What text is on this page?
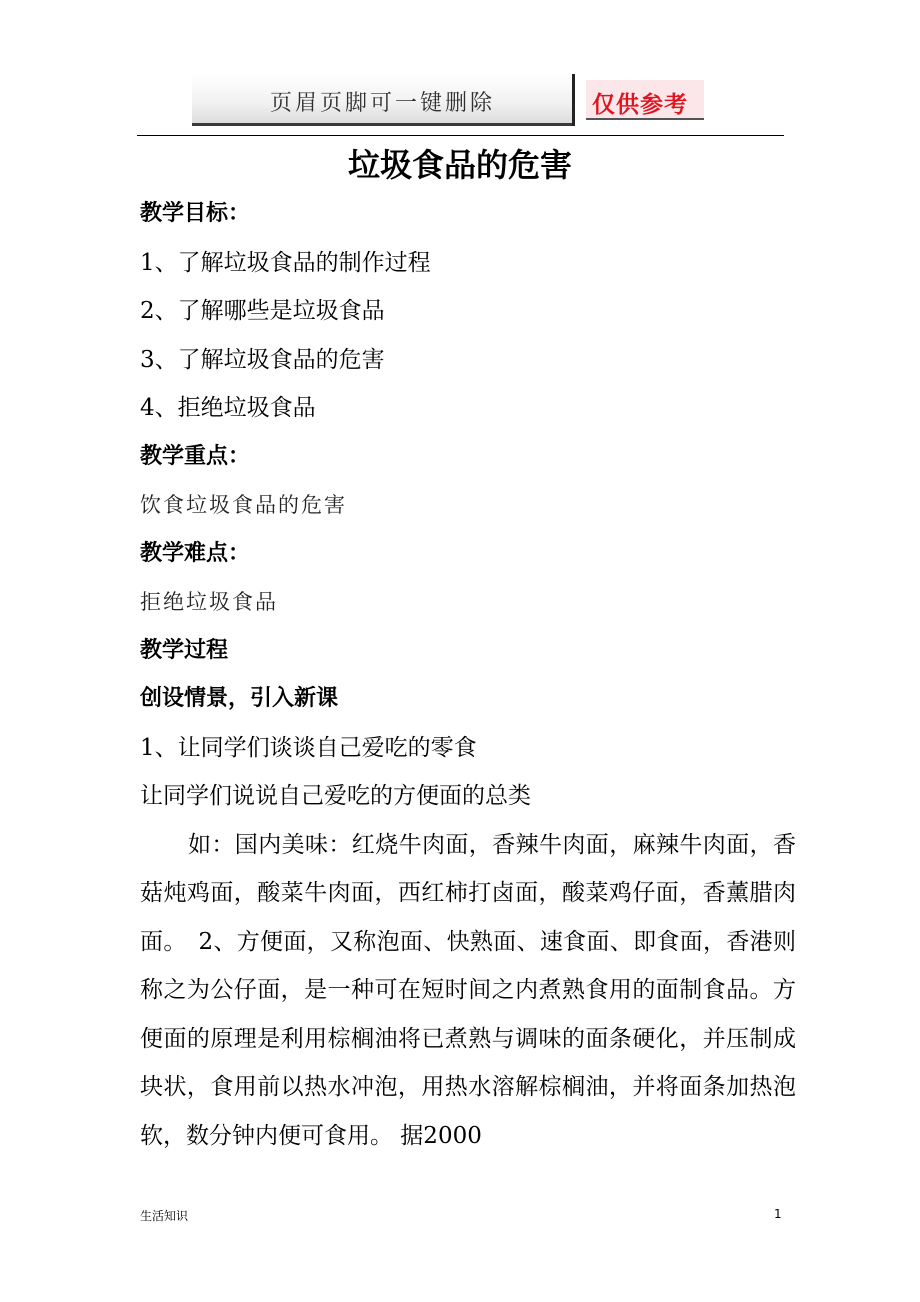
页眉页脚可一键删除	仅供参考
垃圾食品的危害
教学目标：
1、了解垃圾食品的制作过程
2、了解哪些是垃圾食品
3、了解垃圾食品的危害
4、拒绝垃圾食品
教学重点：
饮食垃圾食品的危害
教学难点：
拒绝垃圾食品
教学过程
创设情景，引入新课
1、让同学们谈谈自己爱吃的零食
让同学们说说自己爱吃的方便面的总类
如：国内美味：红烧牛肉面，香辣牛肉面，麻辣牛肉面，香菇炖鸡面，酸菜牛肉面，西红柿打卤面，酸菜鸡仔面，香薰腊肉面。　2、方便面，又称泡面、快熟面、速食面、即食面，香港则称之为公仔面，是一种可在短时间之内煮熟食用的面制食品。方便面的原理是利用棕榈油将已煮熟与调味的面条硬化，并压制成块状，食用前以热水冲泡，用热水溶解棕榈油，并将面条加热泡软，数分钟内便可食用。 据2000
生活知识	1
